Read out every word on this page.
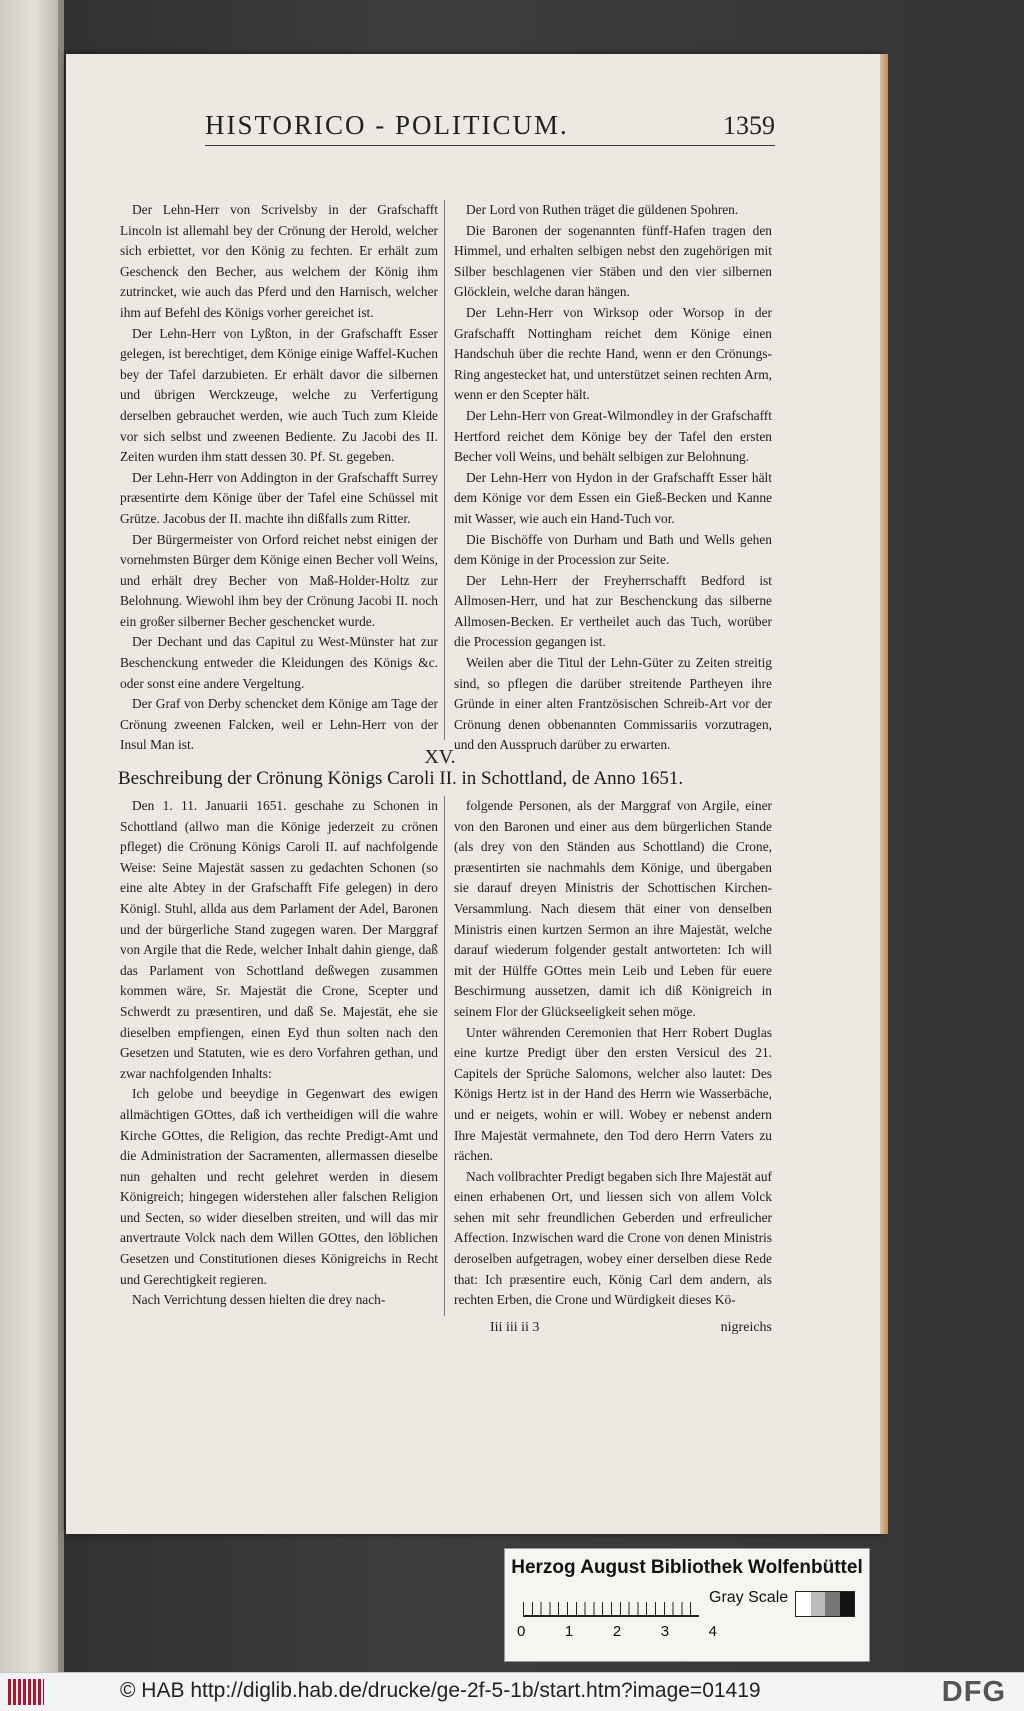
HISTORICO - POLITICUM.	1359

Der Lehn-Herr von Scrivelsby in der Grafschafft Lincoln ist allemahl bey der Crönung der Herold, welcher sich erbiettet, vor den König zu fechten. Er erhält zum Geschenck den Becher, aus welchem der König ihm zutrincket, wie auch das Pferd und den Harnisch, welcher ihm auf Befehl des Königs vorher gereichet ist.

Der Lehn-Herr von Lyßton, in der Grafschafft Esser gelegen, ist berechtiget, dem Könige einige Waffel-Kuchen bey der Tafel darzubieten. Er erhält davor die silbernen und übrigen Werckzeuge, welche zu Verfertigung derselben gebrauchet werden, wie auch Tuch zum Kleide vor sich selbst und zweenen Bediente. Zu Jacobi des II. Zeiten wurden ihm statt dessen 30. Pf. St. gegeben.

Der Lehn-Herr von Addington in der Grafschafft Surrey præsentirte dem Könige über der Tafel eine Schüssel mit Grütze. Jacobus der II. machte ihn dißfalls zum Ritter.

Der Bürgermeister von Orford reichet nebst einigen der vornehmsten Bürger dem Könige einen Becher voll Weins, und erhält drey Becher von Maß-Holder-Holtz zur Belohnung. Wiewohl ihm bey der Crönung Jacobi II. noch ein großer silberner Becher geschencket wurde.

Der Dechant und das Capitul zu West-Münster hat zur Beschenckung entweder die Kleidungen des Königs &c. oder sonst eine andere Vergeltung.

Der Graf von Derby schencket dem Könige am Tage der Crönung zweenen Falcken, weil er Lehn-Herr von der Insul Man ist.

Der Lord von Ruthen träget die güldenen Spohren.

Die Baronen der sogenannten fünff-Hafen tragen den Himmel, und erhalten selbigen nebst den zugehörigen mit Silber beschlagenen vier Stäben und den vier silbernen Glöcklein, welche daran hängen.

Der Lehn-Herr von Wirksop oder Worsop in der Grafschafft Nottingham reichet dem Könige einen Handschuh über die rechte Hand, wenn er den Crönungs-Ring angestecket hat, und unterstützet seinen rechten Arm, wenn er den Scepter hält.

Der Lehn-Herr von Great-Wilmondley in der Grafschafft Hertford reichet dem Könige bey der Tafel den ersten Becher voll Weins, und behält selbigen zur Belohnung.

Der Lehn-Herr von Hydon in der Grafschafft Esser hält dem Könige vor dem Essen ein Gieß-Becken und Kanne mit Wasser, wie auch ein Hand-Tuch vor.

Die Bischöffe von Durham und Bath und Wells gehen dem Könige in der Procession zur Seite.

Der Lehn-Herr der Freyherrschafft Bedford ist Allmosen-Herr, und hat zur Beschenckung das silberne Allmosen-Becken. Er vertheilet auch das Tuch, worüber die Procession gegangen ist.

Weilen aber die Titul der Lehn-Güter zu Zeiten streitig sind, so pflegen die darüber streitende Partheyen ihre Gründe in einer alten Frantzösischen Schreib-Art vor der Crönung denen obbenannten Commissariis vorzutragen, und den Ausspruch darüber zu erwarten.

XV.
Beschreibung der Crönung Königs Caroli II. in Schottland, de Anno 1651.

Den 1. 11. Januarii 1651. geschahe zu Schonen in Schottland (allwo man die Könige jederzeit zu crönen pfleget) die Crönung Königs Caroli II. auf nachfolgende Weise: Seine Majestät sassen zu gedachten Schonen (so eine alte Abtey in der Grafschafft Fife gelegen) in dero Königl. Stuhl, allda aus dem Parlament der Adel, Baronen und der bürgerliche Stand zugegen waren. Der Marggraf von Argile that die Rede, welcher Inhalt dahin gienge, daß das Parlament von Schottland deßwegen zusammen kommen wäre, Sr. Majestät die Crone, Scepter und Schwerdt zu præsentiren, und daß Se. Majestät, ehe sie dieselben empfiengen, einen Eyd thun solten nach den Gesetzen und Statuten, wie es dero Vorfahren gethan, und zwar nachfolgenden Inhalts:

Ich gelobe und beeydige in Gegenwart des ewigen allmächtigen GOttes, daß ich vertheidigen will die wahre Kirche GOttes, die Religion, das rechte Predigt-Amt und die Administration der Sacramenten, allermassen dieselbe nun gehalten und recht gelehret werden in diesem Königreich; hingegen widerstehen aller falschen Religion und Secten, so wider dieselben streiten, und will das mir anvertraute Volck nach dem Willen GOttes, den löblichen Gesetzen und Constitutionen dieses Königreichs in Recht und Gerechtigkeit regieren.

Nach Verrichtung dessen hielten die drey nach-

folgende Personen, als der Marggraf von Argile, einer von den Baronen und einer aus dem bürgerlichen Stande (als drey von den Ständen aus Schottland) die Crone, præsentirten sie nachmahls dem Könige, und übergaben sie darauf dreyen Ministris der Schottischen Kirchen-Versammlung. Nach diesem thät einer von denselben Ministris einen kurtzen Sermon an ihre Majestät, welche darauf wiederum folgender gestalt antworteten: Ich will mit der Hülffe GOttes mein Leib und Leben für euere Beschirmung aussetzen, damit ich diß Königreich in seinem Flor der Glückseeligkeit sehen möge.

Unter währenden Ceremonien that Herr Robert Duglas eine kurtze Predigt über den ersten Versicul des 21. Capitels der Sprüche Salomons, welcher also lautet: Des Königs Hertz ist in der Hand des Herrn wie Wasserbäche, und er neigets, wohin er will. Wobey er nebenst andern Ihre Majestät vermahnete, den Tod dero Herrn Vaters zu rächen.

Nach vollbrachter Predigt begaben sich Ihre Majestät auf einen erhabenen Ort, und liessen sich von allem Volck sehen mit sehr freundlichen Geberden und erfreulicher Affection. Inzwischen ward die Crone von denen Ministris deroselben aufgetragen, wobey einer derselben diese Rede that: Ich præsentire euch, König Carl dem andern, als rechten Erben, die Crone und Würdigkeit dieses Kö-

Iii iii ii 3	nigreichs
Herzog August Bibliothek Wolfenbüttel
0	1	2	3	4
Gray Scale
© HAB http://diglib.hab.de/drucke/ge-2f-5-1b/start.htm?image=01419	DFG
